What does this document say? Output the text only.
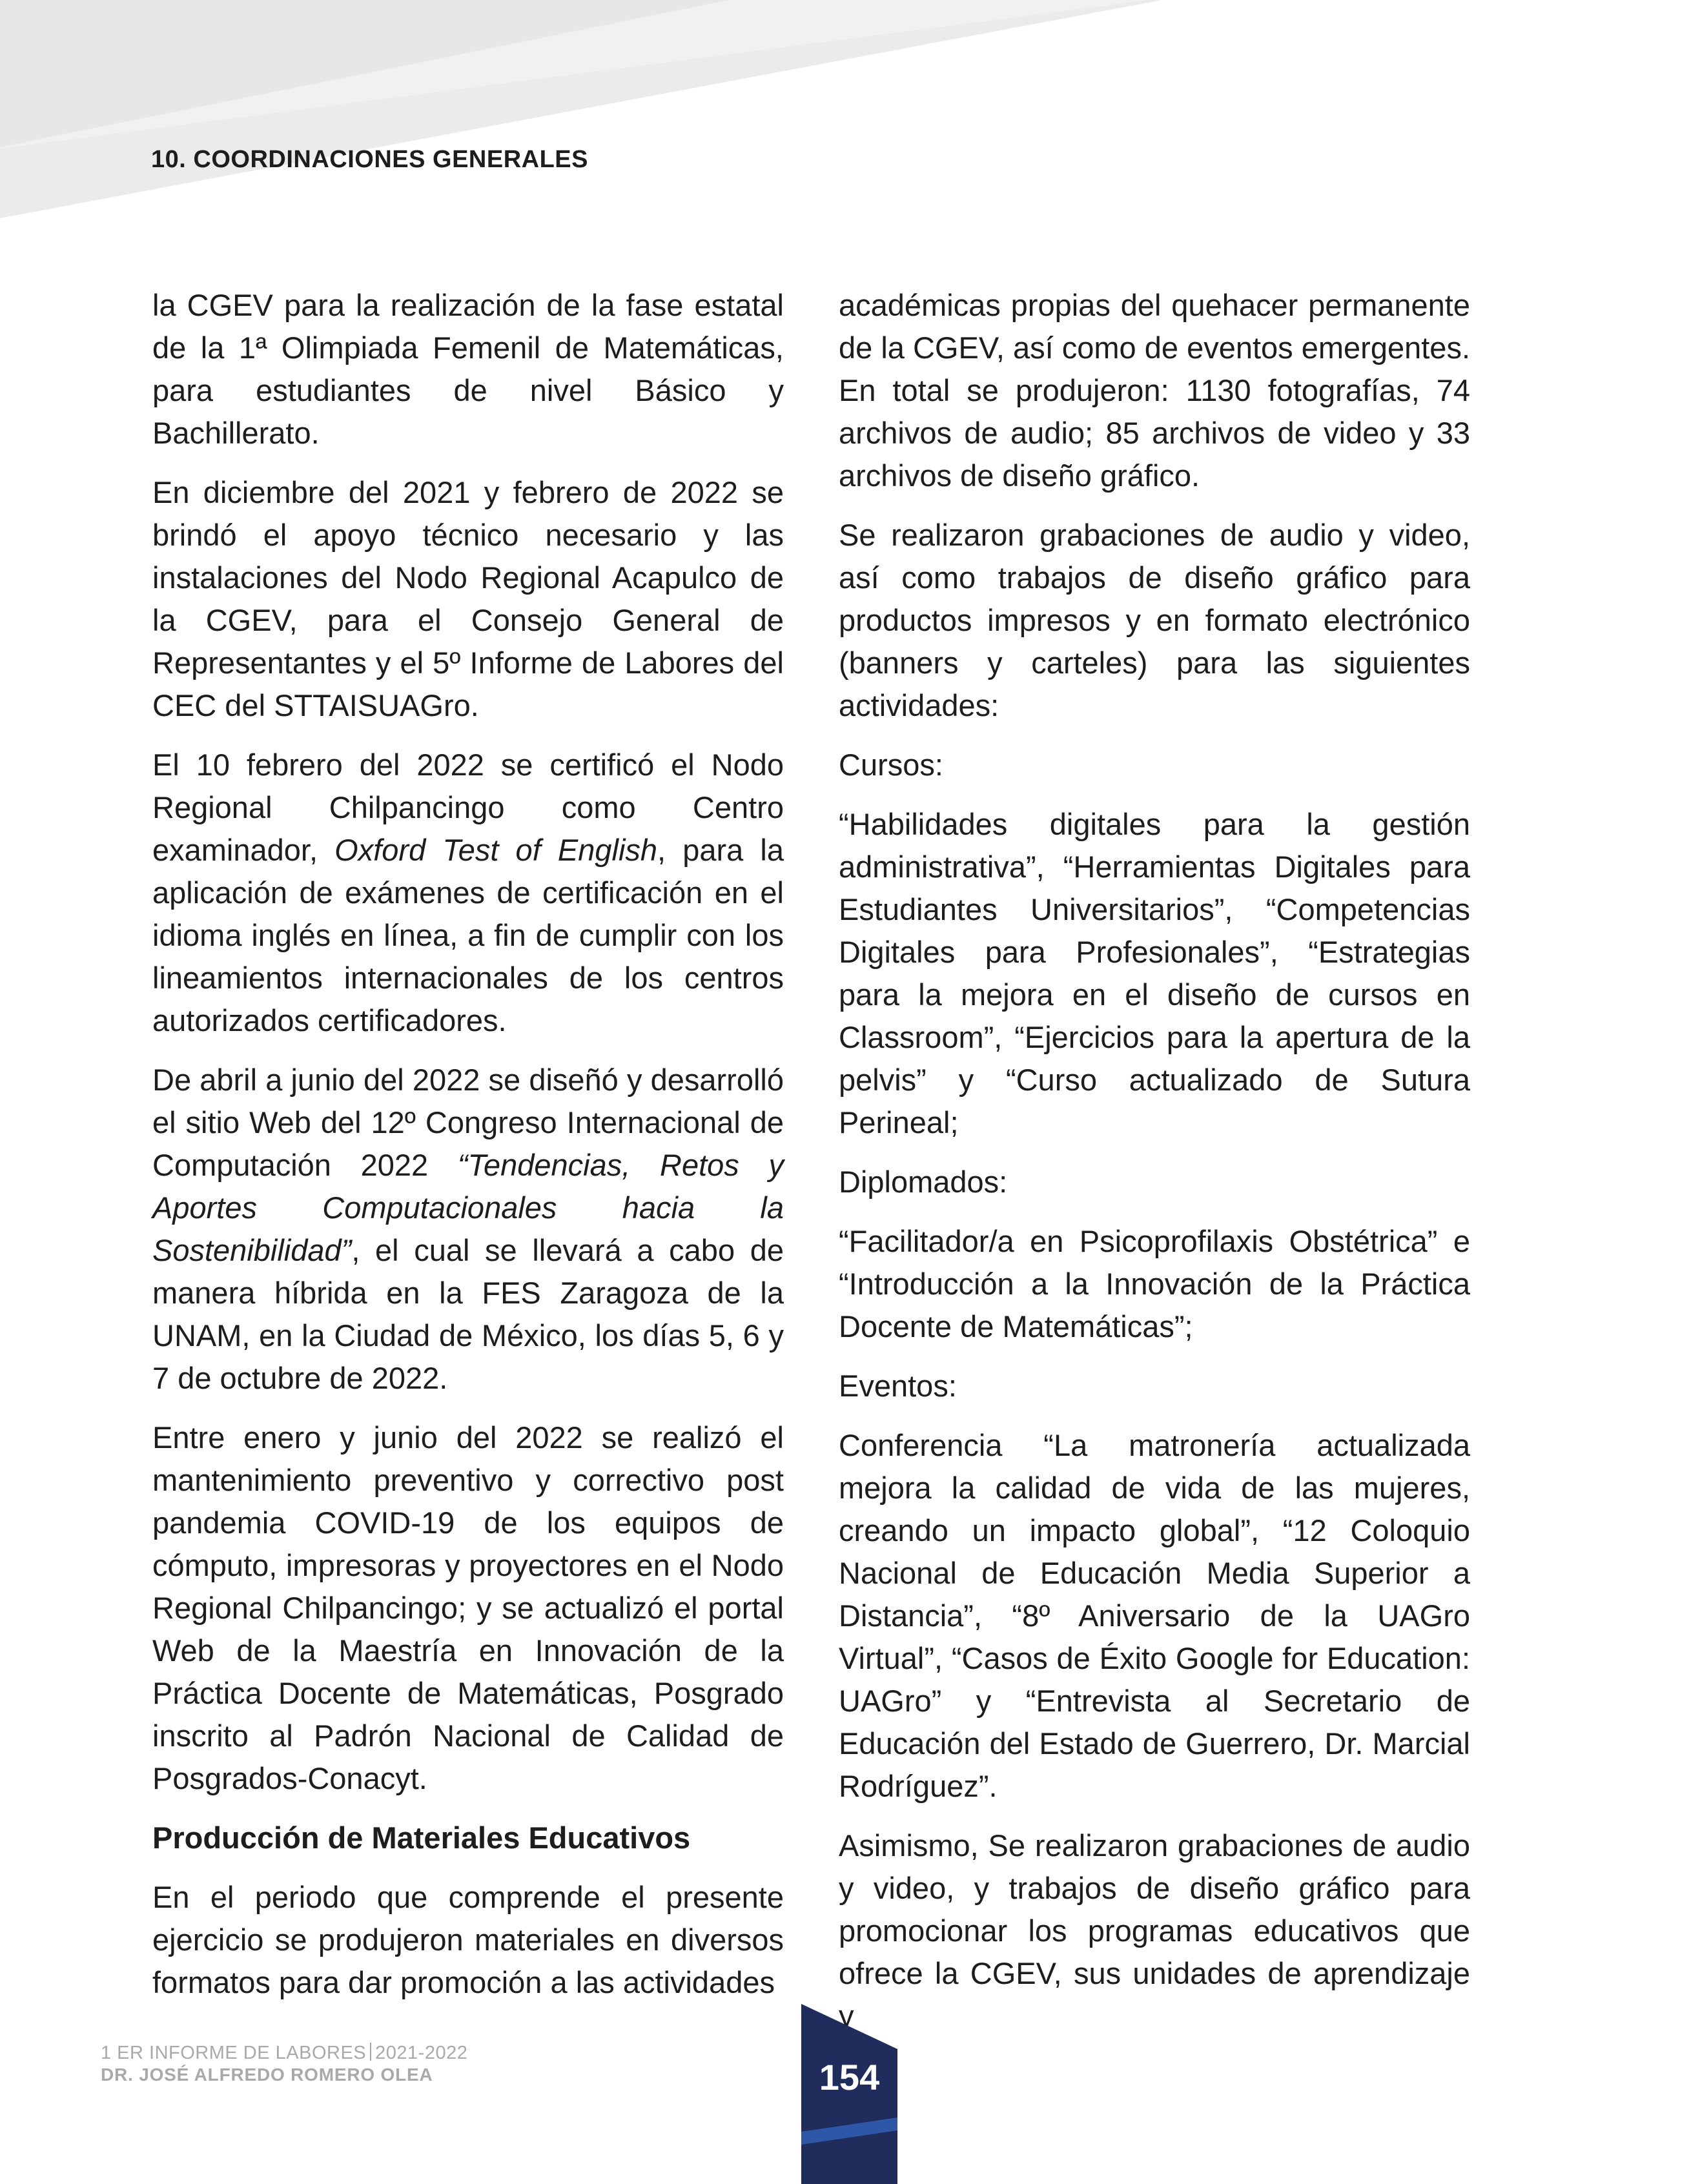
10. COORDINACIONES GENERALES

la CGEV para la realización de la fase estatal de la 1ª Olimpiada Femenil de Matemáticas, para estudiantes de nivel Básico y Bachillerato.

En diciembre del 2021 y febrero de 2022 se brindó el apoyo técnico necesario y las instalaciones del Nodo Regional Acapulco de la CGEV, para el Consejo General de Representantes y el 5º Informe de Labores del CEC del STTAISUAGro.

El 10 febrero del 2022 se certificó el Nodo Regional Chilpancingo como Centro examinador, Oxford Test of English, para la aplicación de exámenes de certificación en el idioma inglés en línea, a fin de cumplir con los lineamientos internacionales de los centros autorizados certificadores.

De abril a junio del 2022 se diseñó y desarrolló el sitio Web del 12º Congreso Internacional de Computación 2022 “Tendencias, Retos y Aportes Computacionales hacia la Sostenibilidad”, el cual se llevará a cabo de manera híbrida en la FES Zaragoza de la UNAM, en la Ciudad de México, los días 5, 6 y 7 de octubre de 2022.

Entre enero y junio del 2022 se realizó el mantenimiento preventivo y correctivo post pandemia COVID-19 de los equipos de cómputo, impresoras y proyectores en el Nodo Regional Chilpancingo; y se actualizó el portal Web de la Maestría en Innovación de la Práctica Docente de Matemáticas, Posgrado inscrito al Padrón Nacional de Calidad de Posgrados-Conacyt.

Producción de Materiales Educativos

En el periodo que comprende el presente ejercicio se produjeron materiales en diversos formatos para dar promoción a las actividades

académicas propias del quehacer permanente de la CGEV, así como de eventos emergentes. En total se produjeron: 1130 fotografías, 74 archivos de audio; 85 archivos de video y 33 archivos de diseño gráfico.

Se realizaron grabaciones de audio y video, así como trabajos de diseño gráfico para productos impresos y en formato electrónico (banners y carteles) para las siguientes actividades:

Cursos:

“Habilidades digitales para la gestión administrativa”, “Herramientas Digitales para Estudiantes Universitarios”, “Competencias Digitales para Profesionales”, “Estrategias para la mejora en el diseño de cursos en Classroom”, “Ejercicios para la apertura de la pelvis” y “Curso actualizado de Sutura Perineal;

Diplomados:

“Facilitador/a en Psicoprofilaxis Obstétrica” e “Introducción a la Innovación de la Práctica Docente de Matemáticas”;

Eventos:

Conferencia “La matronería actualizada mejora la calidad de vida de las mujeres, creando un impacto global”, “12 Coloquio Nacional de Educación Media Superior a Distancia”, “8º Aniversario de la UAGro Virtual”, “Casos de Éxito Google for Education: UAGro” y “Entrevista al Secretario de Educación del Estado de Guerrero, Dr. Marcial Rodríguez”.

Asimismo, Se realizaron grabaciones de audio y video, y trabajos de diseño gráfico para promocionar los programas educativos que ofrece la CGEV, sus unidades de aprendizaje y

1 ER INFORME DE LABORES 2021-2022
DR. JOSÉ ALFREDO ROMERO OLEA	154
